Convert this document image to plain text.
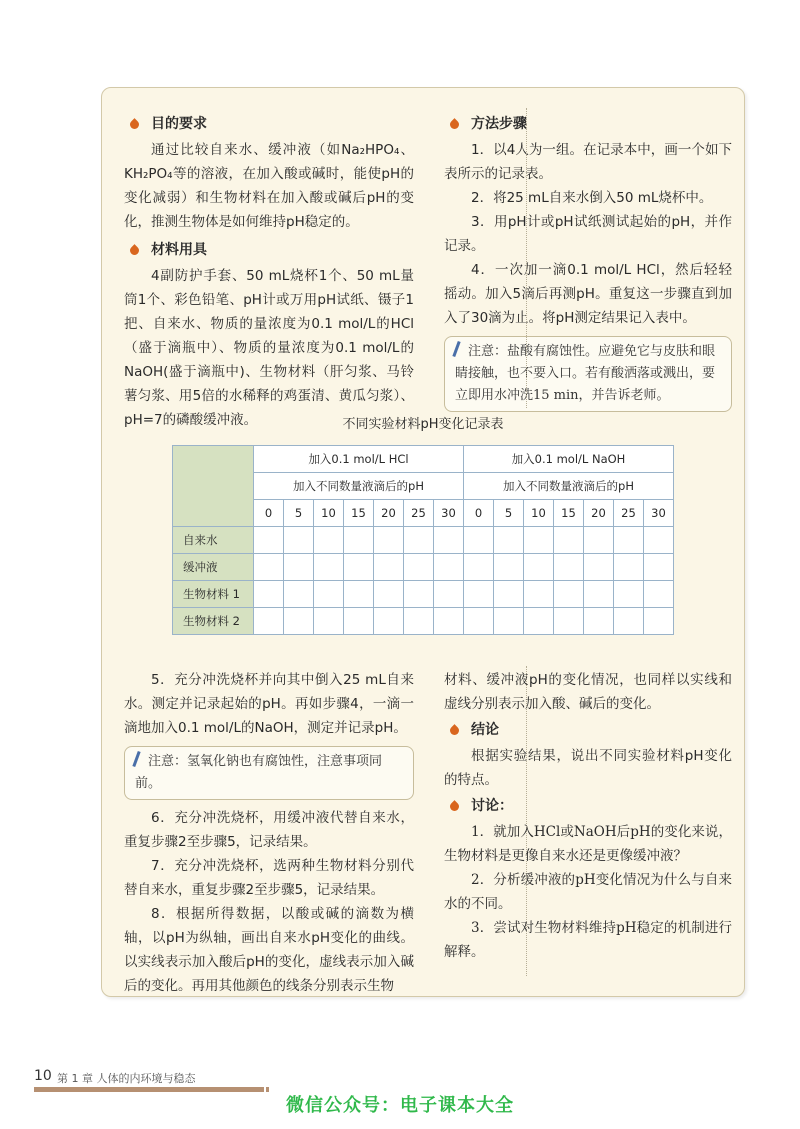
目的要求

通过比较自来水、缓冲液（如Na₂HPO₄、KH₂PO₄等的溶液，在加入酸或碱时，能使pH的变化减弱）和生物材料在加入酸或碱后pH的变化，推测生物体是如何维持pH稳定的。

材料用具

4副防护手套、50 mL烧杯1个、50 mL量筒1个、彩色铅笔、pH计或万用pH试纸、镊子1把、自来水、物质的量浓度为0.1 mol/L的HCl（盛于滴瓶中）、物质的量浓度为0.1 mol/L的NaOH(盛于滴瓶中)、生物材料（肝匀浆、马铃薯匀浆、用5倍的水稀释的鸡蛋清、黄瓜匀浆）、pH=7的磷酸缓冲液。

方法步骤

1．以4人为一组。在记录本中，画一个如下表所示的记录表。

2．将25 mL自来水倒入50 mL烧杯中。

3．用pH计或pH试纸测试起始的pH，并作记录。

4．一次加一滴0.1 mol/L HCl，然后轻轻摇动。加入5滴后再测pH。重复这一步骤直到加入了30滴为止。将pH测定结果记入表中。

注意：盐酸有腐蚀性。应避免它与皮肤和眼睛接触，也不要入口。若有酸洒落或溅出，要立即用水冲洗15 min，并告诉老师。
不同实验材料pH变化记录表
	加入0.1 mol/L HCl							加入0.1 mol/L NaOH						
	加入不同数量液滴后的pH							加入不同数量液滴后的pH						
	0	5	10	15	20	25	30	0	5	10	15	20	25	30
自来水														
缓冲液														
生物材料 1														
生物材料 2														

5．充分冲洗烧杯并向其中倒入25 mL自来水。测定并记录起始的pH。再如步骤4，一滴一滴地加入0.1 mol/L的NaOH，测定并记录pH。

注意：氢氧化钠也有腐蚀性，注意事项同前。

6．充分冲洗烧杯，用缓冲液代替自来水，重复步骤2至步骤5，记录结果。

7．充分冲洗烧杯，选两种生物材料分别代替自来水，重复步骤2至步骤5，记录结果。

8．根据所得数据，以酸或碱的滴数为横轴，以pH为纵轴，画出自来水pH变化的曲线。以实线表示加入酸后pH的变化，虚线表示加入碱后的变化。再用其他颜色的线条分别表示生物

材料、缓冲液pH的变化情况，也同样以实线和虚线分别表示加入酸、碱后的变化。

结论

根据实验结果，说出不同实验材料pH变化的特点。

讨论：

1．就加入HCl或NaOH后pH的变化来说，生物材料是更像自来水还是更像缓冲液？

2．分析缓冲液的pH变化情况为什么与自来水的不同。

3．尝试对生物材料维持pH稳定的机制进行解释。

10 第 1 章 人体的内环境与稳态
微信公众号：电子课本大全
